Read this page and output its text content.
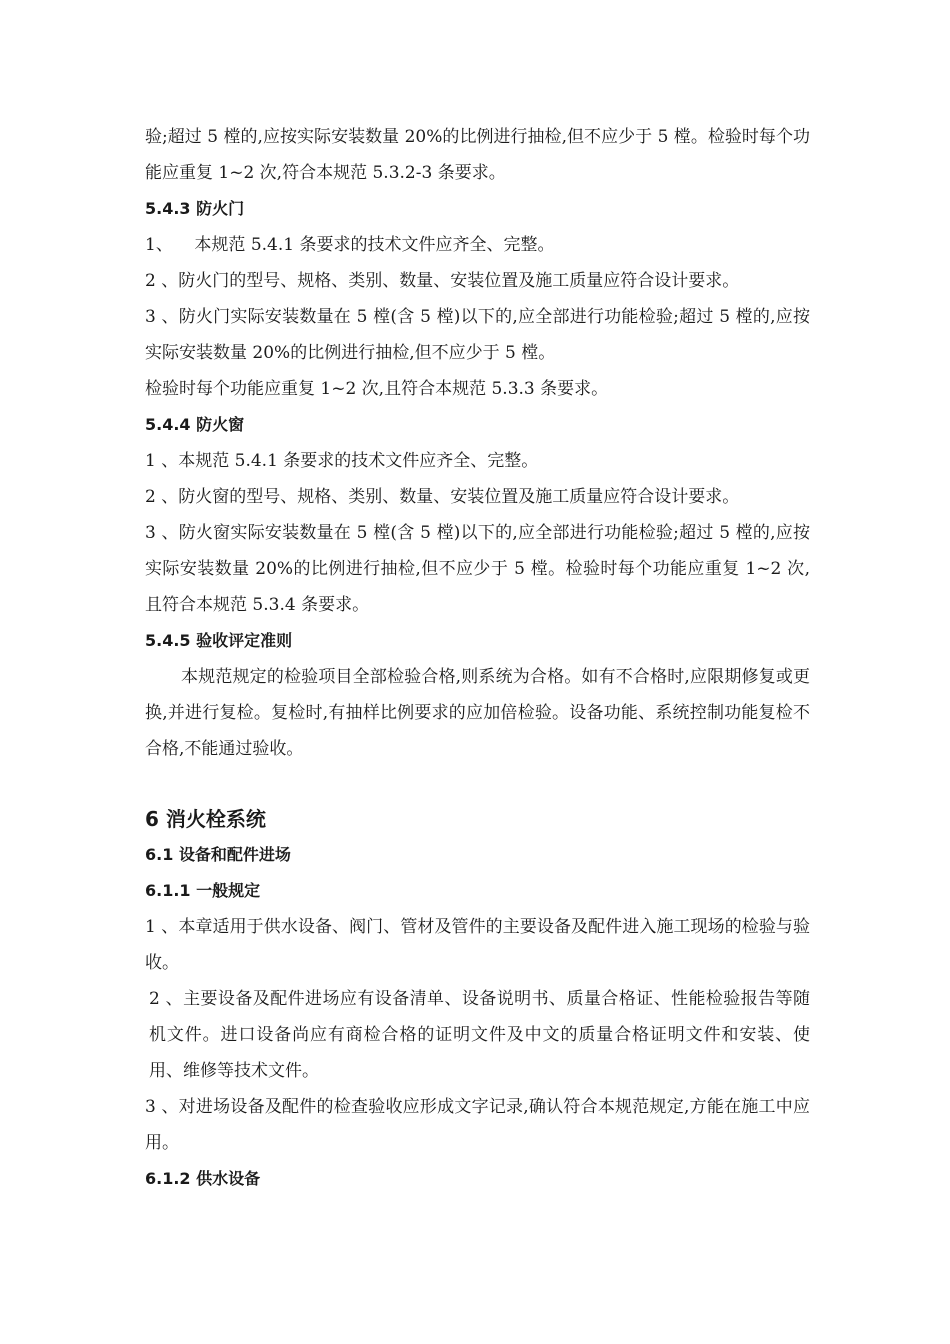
验;超过 5 樘的,应按实际安装数量 20%的比例进行抽检,但不应少于 5 樘。检验时每个功能应重复 1~2 次,符合本规范 5.3.2-3 条要求。

5.4.3 防火门

1、    本规范 5.4.1 条要求的技术文件应齐全、完整。

2 、防火门的型号、规格、类别、数量、安装位置及施工质量应符合设计要求。

3 、防火门实际安装数量在 5 樘(含 5 樘)以下的,应全部进行功能检验;超过 5 樘的,应按实际安装数量 20%的比例进行抽检,但不应少于 5 樘。

检验时每个功能应重复 1~2 次,且符合本规范 5.3.3 条要求。

5.4.4 防火窗

1 、本规范 5.4.1 条要求的技术文件应齐全、完整。

2 、防火窗的型号、规格、类别、数量、安装位置及施工质量应符合设计要求。

3 、防火窗实际安装数量在 5 樘(含 5 樘)以下的,应全部进行功能检验;超过 5 樘的,应按实际安装数量 20%的比例进行抽检,但不应少于 5 樘。检验时每个功能应重复 1~2 次,且符合本规范 5.3.4 条要求。

5.4.5 验收评定准则

本规范规定的检验项目全部检验合格,则系统为合格。如有不合格时,应限期修复或更换,并进行复检。复检时,有抽样比例要求的应加倍检验。设备功能、系统控制功能复检不合格,不能通过验收。

6 消火栓系统

6.1 设备和配件进场

6.1.1 一般规定

1 、本章适用于供水设备、阀门、管材及管件的主要设备及配件进入施工现场的检验与验收。

2 、主要设备及配件进场应有设备清单、设备说明书、质量合格证、性能检验报告等随机文件。进口设备尚应有商检合格的证明文件及中文的质量合格证明文件和安装、使用、维修等技术文件。

3 、对进场设备及配件的检查验收应形成文字记录,确认符合本规范规定,方能在施工中应用。

6.1.2 供水设备
